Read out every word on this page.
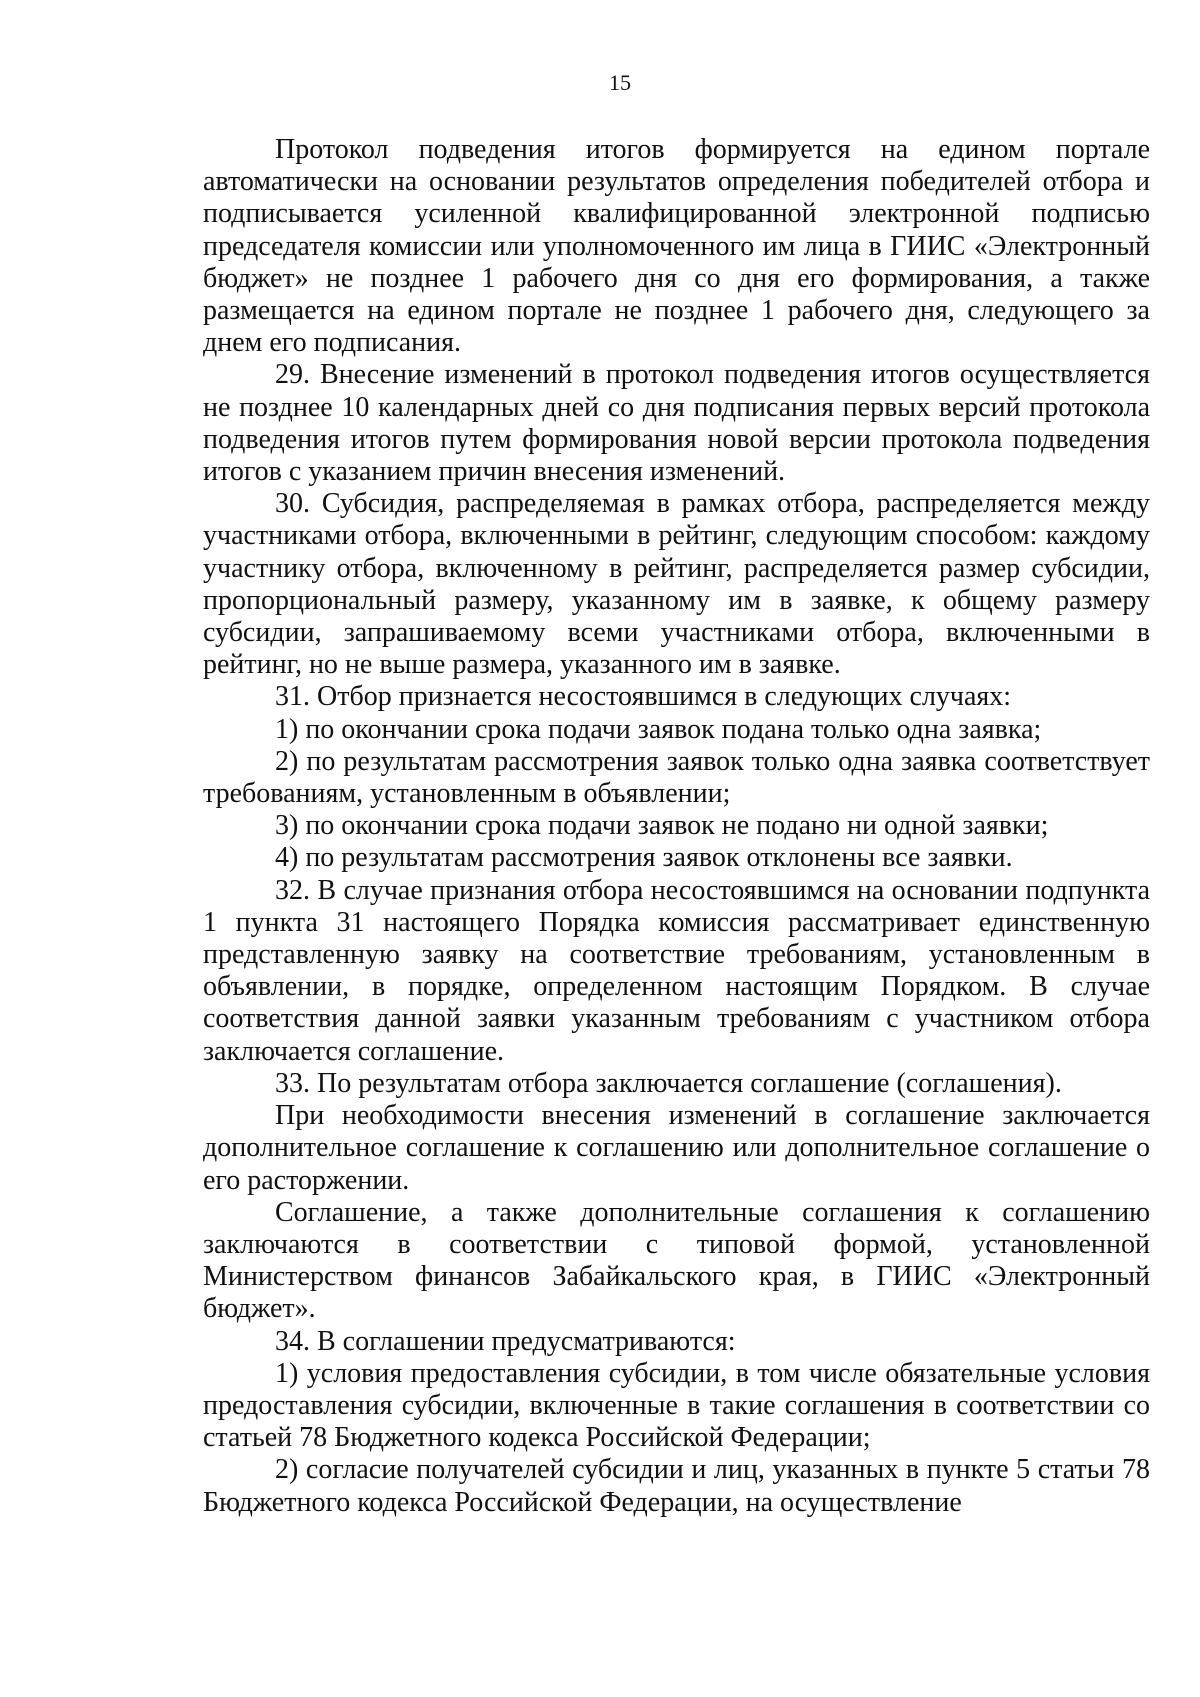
15

Протокол подведения итогов формируется на едином портале автоматически на основании результатов определения победителей отбора и подписывается усиленной квалифицированной электронной подписью председателя комиссии или уполномоченного им лица в ГИИС «Электронный бюджет» не позднее 1 рабочего дня со дня его формирования, а также размещается на едином портале не позднее 1 рабочего дня, следующего за днем его подписания.

29. Внесение изменений в протокол подведения итогов осуществляется не позднее 10 календарных дней со дня подписания первых версий протокола подведения итогов путем формирования новой версии протокола подведения итогов с указанием причин внесения изменений.

30. Субсидия, распределяемая в рамках отбора, распределяется между участниками отбора, включенными в рейтинг, следующим способом: каждому участнику отбора, включенному в рейтинг, распределяется размер субсидии, пропорциональный размеру, указанному им в заявке, к общему размеру субсидии, запрашиваемому всеми участниками отбора, включенными в рейтинг, но не выше размера, указанного им в заявке.

31. Отбор признается несостоявшимся в следующих случаях:

1) по окончании срока подачи заявок подана только одна заявка;

2) по результатам рассмотрения заявок только одна заявка соответствует требованиям, установленным в объявлении;

3) по окончании срока подачи заявок не подано ни одной заявки;

4) по результатам рассмотрения заявок отклонены все заявки.

32. В случае признания отбора несостоявшимся на основании подпункта 1 пункта 31 настоящего Порядка комиссия рассматривает единственную представленную заявку на соответствие требованиям, установленным в объявлении, в порядке, определенном настоящим Порядком. В случае соответствия данной заявки указанным требованиям с участником отбора заключается соглашение.

33. По результатам отбора заключается соглашение (соглашения).

При необходимости внесения изменений в соглашение заключается дополнительное соглашение к соглашению или дополнительное соглашение о его расторжении.

Соглашение, а также дополнительные соглашения к соглашению заключаются в соответствии с типовой формой, установленной Министерством финансов Забайкальского края, в ГИИС «Электронный бюджет».

34. В соглашении предусматриваются:

1) условия предоставления субсидии, в том числе обязательные условия предоставления субсидии, включенные в такие соглашения в соответствии со статьей 78 Бюджетного кодекса Российской Федерации;

2) согласие получателей субсидии и лиц, указанных в пункте 5 статьи 78 Бюджетного кодекса Российской Федерации, на осуществление
